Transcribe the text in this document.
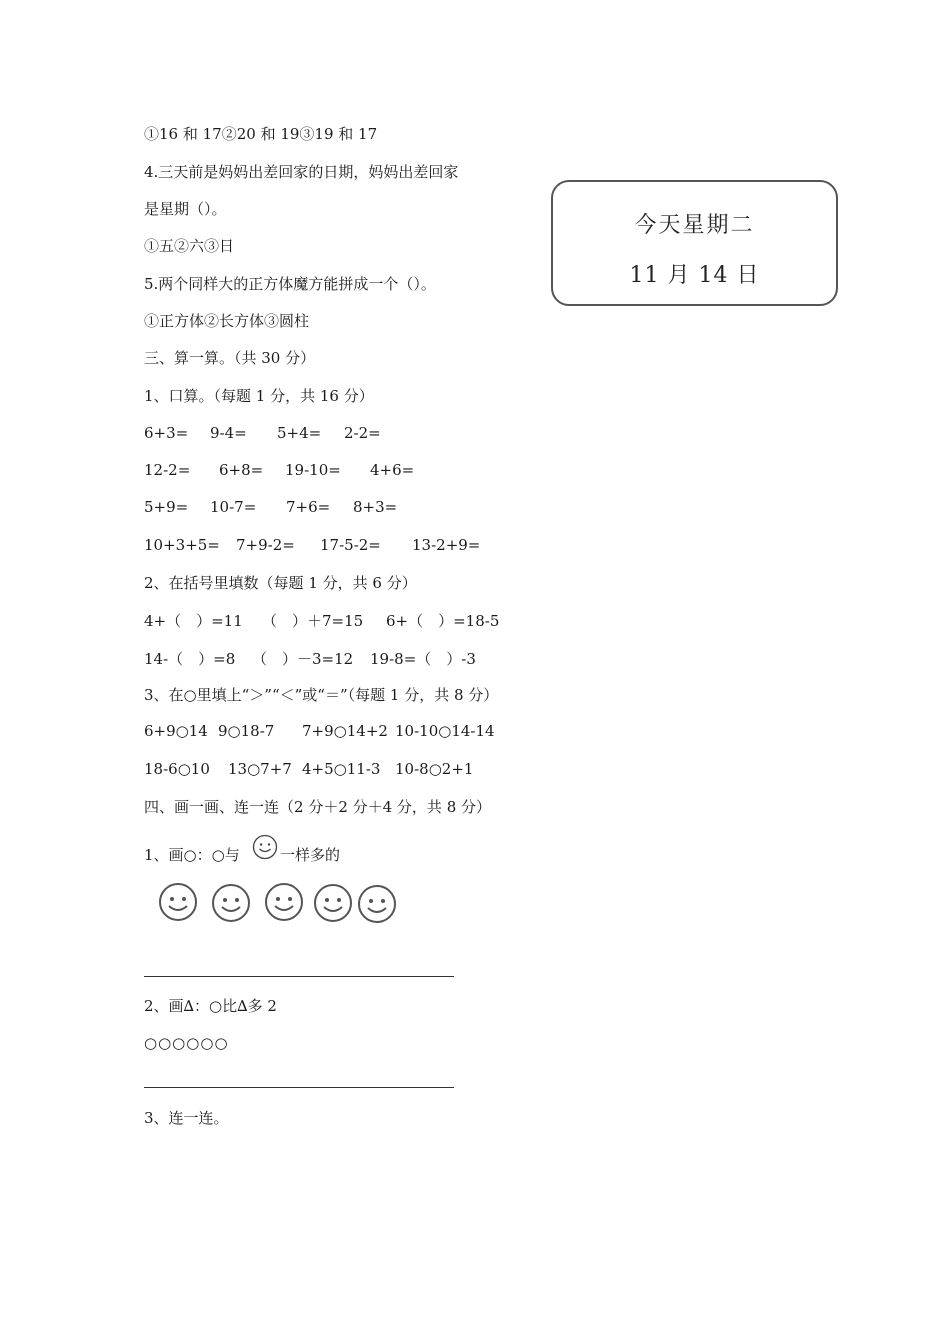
①16 和 17②20 和 19③19 和 17
4.三天前是妈妈出差回家的日期，妈妈出差回家
是星期（）。
①五②六③日
5.两个同样大的正方体魔方能拼成一个（）。
①正方体②长方体③圆柱
今天星期二
11 月 14 日
三、算一算。（共 30 分）
1、口算。（每题 1 分，共 16 分）
6+3= 9-4= 5+4= 2-2=
12-2= 6+8= 19-10= 4+6=
5+9= 10-7= 7+6= 8+3=
10+3+5= 7+9-2= 17-5-2= 13-2+9=
2、在括号里填数（每题 1 分，共 6 分）
4+（　）=11 （　）＋7=15 6+（　）=18-5
14-（　）=8 （　）－3=12 19-8=（　）-3
3、在○里填上“＞”“＜”或“＝”（每题 1 分，共 8 分）
6+9○14 9○18-7 7+9○14+2 10-10○14-14
18-6○10 13○7+7 4+5○11-3 10-8○2+1
四、画一画、连一连（2 分＋2 分＋4 分，共 8 分）
1、画○：○与	一样多的
2、画∆：○比∆多 2
○○○○○○
3、连一连。
